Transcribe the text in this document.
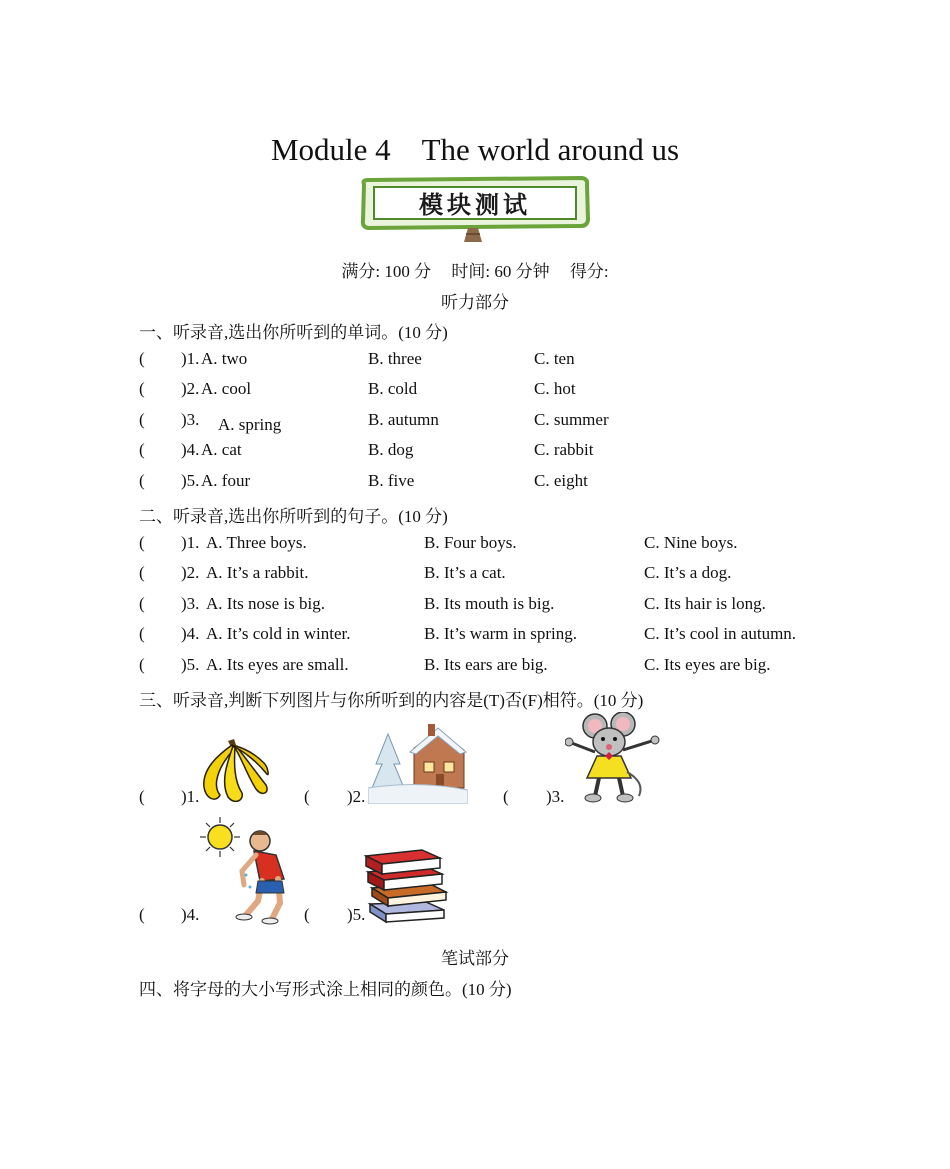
Module 4　The world around us
模块测试
满分: 100 分 时间: 60 分钟 得分:
听力部分
一、听录音,选出你所听到的单词。(10 分)
( )1. A. two	B. three	C. ten
( )2. A. cool	B. cold	C. hot
( )3. 　A. spring	B. autumn	C. summer
( )4. A. cat	B. dog	C. rabbit
( )5. A. four	B. five	C. eight
二、听录音,选出你所听到的句子。(10 分)
( )1. A. Three boys.	B. Four boys.	C. Nine boys.
( )2. A. It’s a rabbit.	B. It’s a cat.	C. It’s a dog.
( )3. A. Its nose is big.	B. Its mouth is big.	C. Its hair is long.
( )4. A. It’s cold in winter.	B. It’s warm in spring.	C. It’s cool in autumn.
( )5. A. Its eyes are small.	B. Its ears are big.	C. Its eyes are big.
三、听录音,判断下列图片与你所听到的内容是(T)否(F)相符。(10 分)
( )1.	( )2.	( )3.
( )4.	( )5.
笔试部分
四、将字母的大小写形式涂上相同的颜色。(10 分)
